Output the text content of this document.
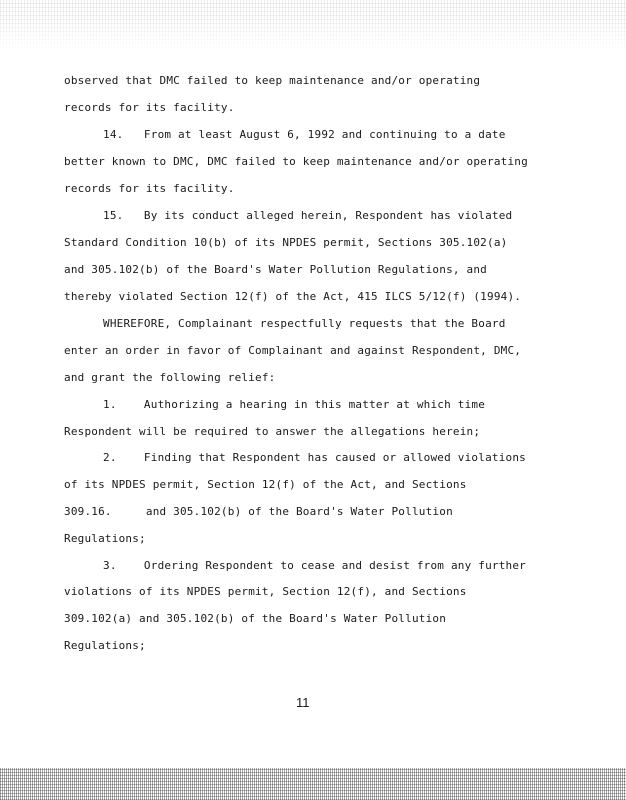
observed that DMC failed to keep maintenance and/or operating
records for its facility.
14.   From at least August 6, 1992 and continuing to a date
better known to DMC, DMC failed to keep maintenance and/or operating
records for its facility.
15.   By its conduct alleged herein, Respondent has violated
Standard Condition 10(b) of its NPDES permit, Sections 305.102(a)
and 305.102(b) of the Board's Water Pollution Regulations, and
thereby violated Section 12(f) of the Act, 415 ILCS 5/12(f) (1994).
WHEREFORE, Complainant respectfully requests that the Board
enter an order in favor of Complainant and against Respondent, DMC,
and grant the following relief:
1.    Authorizing a hearing in this matter at which time
Respondent will be required to answer the allegations herein;
2.    Finding that Respondent has caused or allowed violations
of its NPDES permit, Section 12(f) of the Act, and Sections
309.16.     and 305.102(b) of the Board's Water Pollution
Regulations;
3.    Ordering Respondent to cease and desist from any further
violations of its NPDES permit, Section 12(f), and Sections
309.102(a) and 305.102(b) of the Board's Water Pollution
Regulations;
11
